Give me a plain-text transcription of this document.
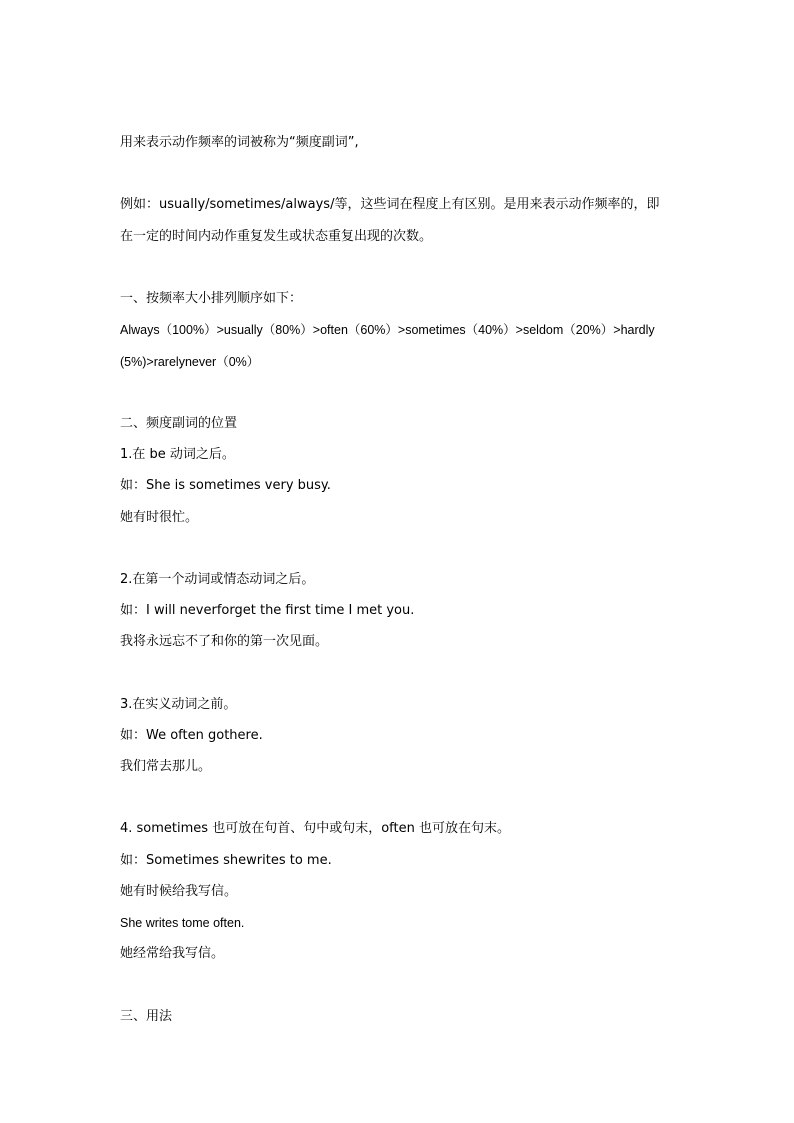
用来表示动作频率的词被称为“频度副词”,
例如：usually/sometimes/always/等，这些词在程度上有区别。是用来表示动作频率的，即
在一定的时间内动作重复发生或状态重复出现的次数。
一、按频率大小排列顺序如下：
Always（100%）>usually（80%）>often（60%）>sometimes（40%）>seldom（20%）>hardly
(5%)>rarelynever（0%）
二、频度副词的位置
1.在 be 动词之后。
如：She is sometimes very busy.
她有时很忙。
2.在第一个动词或情态动词之后。
如：I will neverforget the first time I met you.
我将永远忘不了和你的第一次见面。
3.在实义动词之前。
如：We often gothere.
我们常去那儿。
4. sometimes 也可放在句首、句中或句末，often 也可放在句末。
如：Sometimes shewrites to me.
她有时候给我写信。
She writes tome often.
她经常给我写信。
三、用法
